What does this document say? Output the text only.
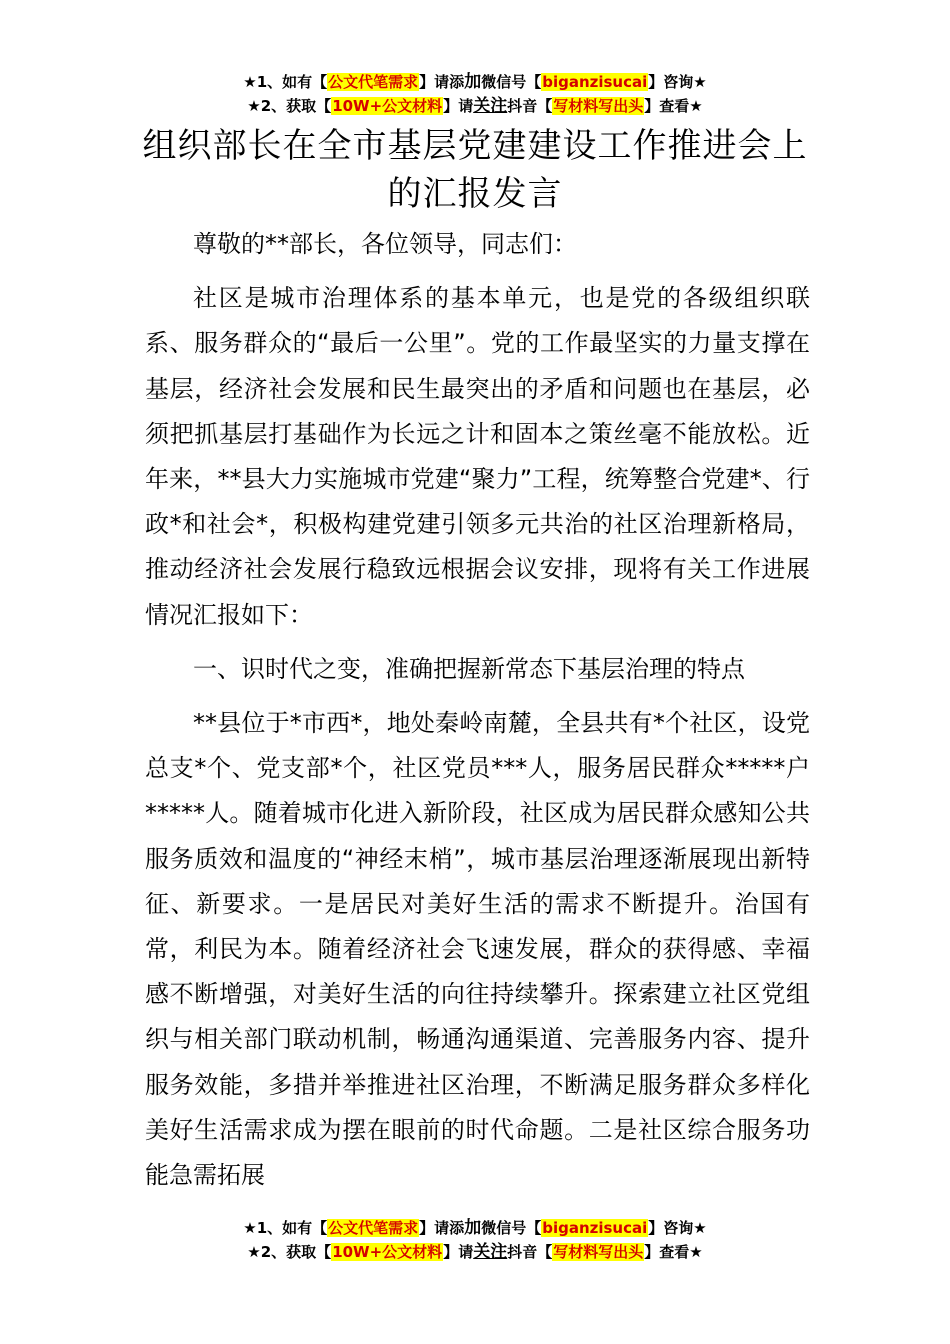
★1、如有【公文代笔需求】请添加微信号【biganzisucai】咨询★
★2、获取【10W+公文材料】请关注抖音【写材料写出头】查看★
组织部长在全市基层党建建设工作推进会上
的汇报发言

尊敬的**部长，各位领导，同志们：

社区是城市治理体系的基本单元，也是党的各级组织联系、服务群众的“最后一公里”。党的工作最坚实的力量支撑在基层，经济社会发展和民生最突出的矛盾和问题也在基层，必须把抓基层打基础作为长远之计和固本之策丝毫不能放松。近年来，**县大力实施城市党建“聚力”工程，统筹整合党建*、行政*和社会*，积极构建党建引领多元共治的社区治理新格局，推动经济社会发展行稳致远根据会议安排，现将有关工作进展情况汇报如下：

一、识时代之变，准确把握新常态下基层治理的特点

**县位于*市西*，地处秦岭南麓，全县共有*个社区，设党总支*个、党支部*个，社区党员***人，服务居民群众*****户*****人。随着城市化进入新阶段，社区成为居民群众感知公共服务质效和温度的“神经末梢”，城市基层治理逐渐展现出新特征、新要求。一是居民对美好生活的需求不断提升。治国有常，利民为本。随着经济社会飞速发展，群众的获得感、幸福感不断增强，对美好生活的向往持续攀升。探索建立社区党组织与相关部门联动机制，畅通沟通渠道、完善服务内容、提升服务效能，多措并举推进社区治理，不断满足服务群众多样化美好生活需求成为摆在眼前的时代命题。二是社区综合服务功能急需拓展

★1、如有【公文代笔需求】请添加微信号【biganzisucai】咨询★
★2、获取【10W+公文材料】请关注抖音【写材料写出头】查看★
